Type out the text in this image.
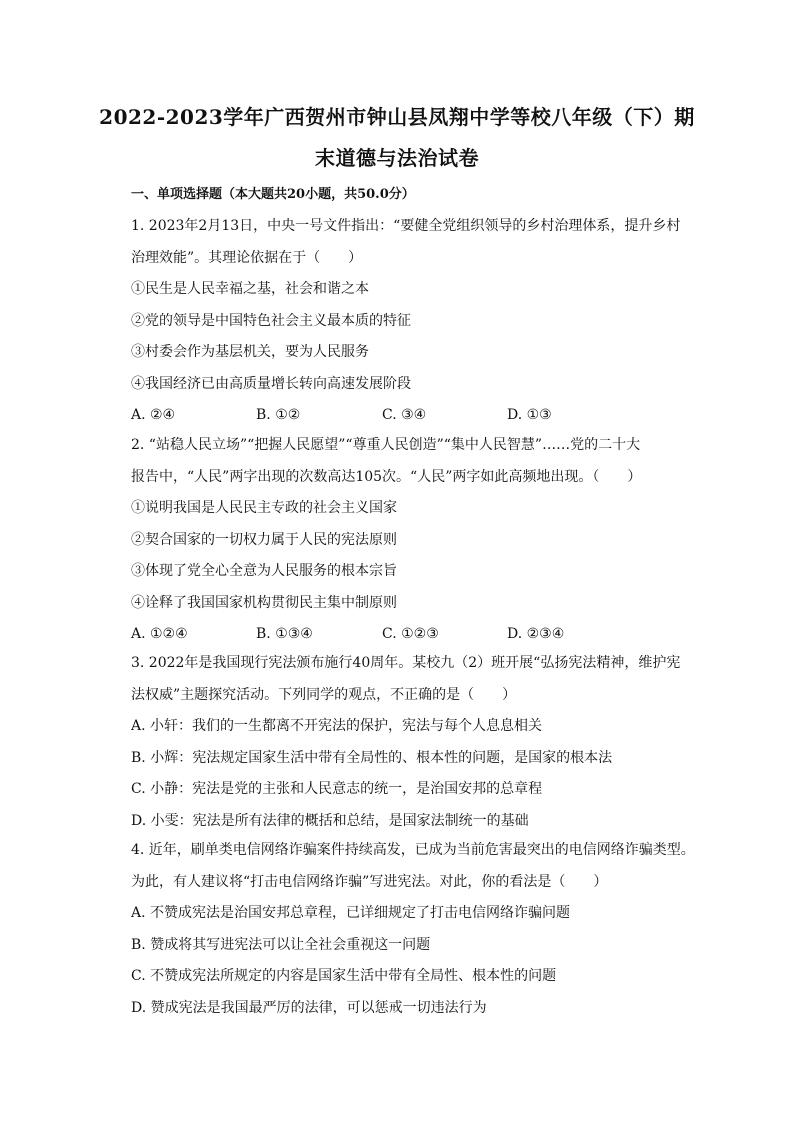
2022-2023学年广西贺州市钟山县凤翔中学等校八年级（下）期
末道德与法治试卷
一、单项选择题（本大题共20小题，共50.0分）
1. 2023年2月13日，中央一号文件指出：“要健全党组织领导的乡村治理体系，提升乡村
治理效能”。其理论依据在于（　　）
①民生是人民幸福之基，社会和谐之本
②党的领导是中国特色社会主义最本质的特征
③村委会作为基层机关，要为人民服务
④我国经济已由高质量增长转向高速发展阶段
A. ②④	B. ①②	C. ③④	D. ①③
2. “站稳人民立场”“把握人民愿望”“尊重人民创造”“集中人民智慧”……党的二十大
报告中，“人民”两字出现的次数高达105次。“人民”两字如此高频地出现。（　　）
①说明我国是人民民主专政的社会主义国家
②契合国家的一切权力属于人民的宪法原则
③体现了党全心全意为人民服务的根本宗旨
④诠释了我国国家机构贯彻民主集中制原则
A. ①②④	B. ①③④	C. ①②③	D. ②③④
3. 2022年是我国现行宪法颁布施行40周年。某校九（2）班开展“弘扬宪法精神，维护宪
法权威”主题探究活动。下列同学的观点，不正确的是（　　）
A. 小轩：我们的一生都离不开宪法的保护，宪法与每个人息息相关
B. 小辉：宪法规定国家生活中带有全局性的、根本性的问题，是国家的根本法
C. 小静：宪法是党的主张和人民意志的统一，是治国安邦的总章程
D. 小雯：宪法是所有法律的概括和总结，是国家法制统一的基础
4. 近年，刷单类电信网络诈骗案件持续高发，已成为当前危害最突出的电信网络诈骗类型。
为此，有人建议将“打击电信网络诈骗”写进宪法。对此，你的看法是（　　）
A. 不赞成宪法是治国安邦总章程，已详细规定了打击电信网络诈骗问题
B. 赞成将其写进宪法可以让全社会重视这一问题
C. 不赞成宪法所规定的内容是国家生活中带有全局性、根本性的问题
D. 赞成宪法是我国最严厉的法律，可以惩戒一切违法行为
